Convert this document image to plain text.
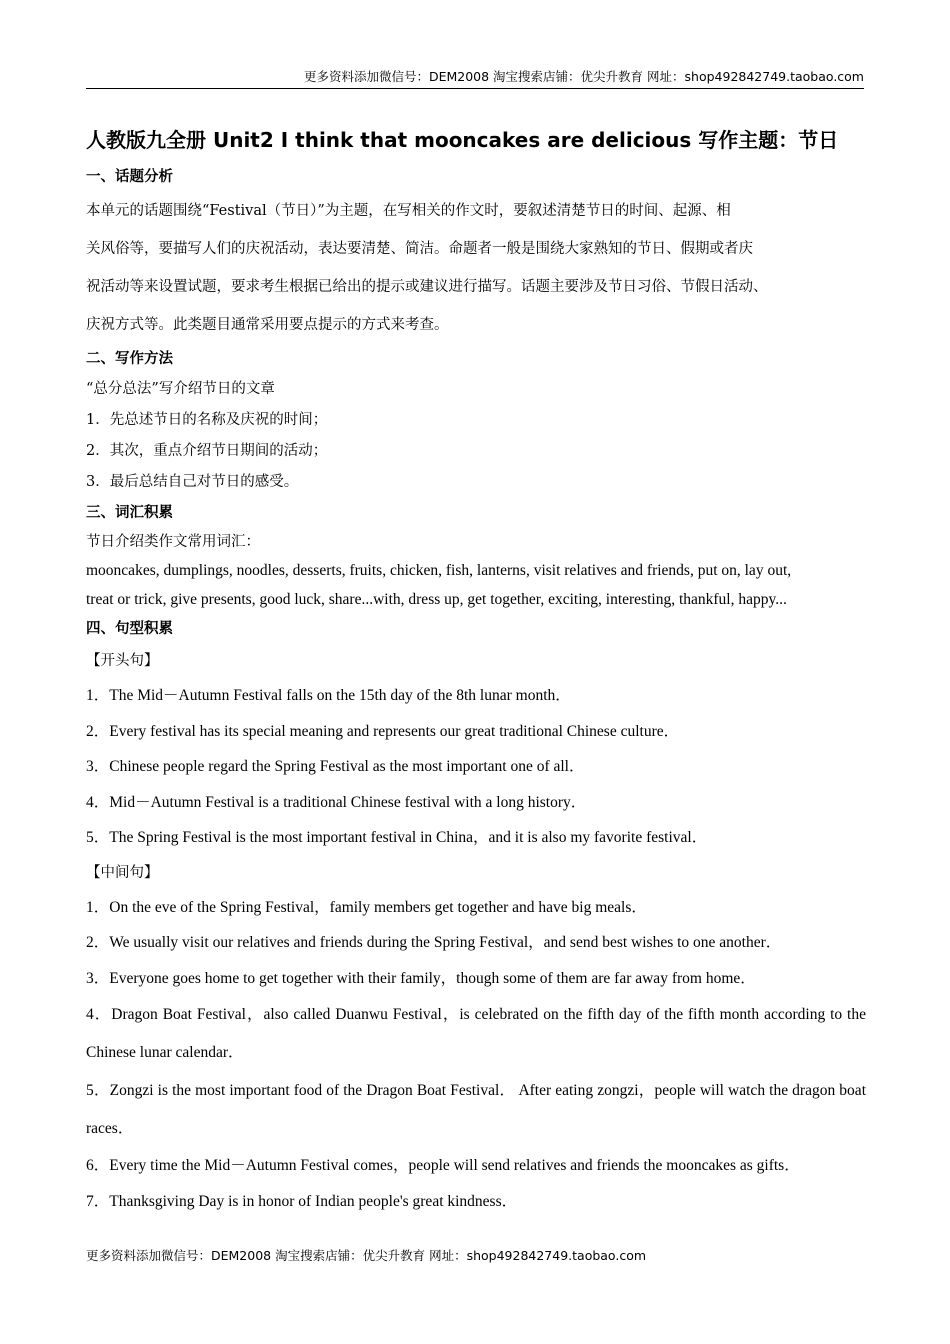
更多资料添加微信号：DEM2008 淘宝搜索店铺：优尖升教育 网址：shop492842749.taobao.com
人教版九全册 Unit2 I think that mooncakes are delicious 写作主题：节日
一、话题分析
本单元的话题围绕“Festival（节日）”为主题，在写相关的作文时，要叙述清楚节日的时间、起源、相
关风俗等，要描写人们的庆祝活动，表达要清楚、简洁。命题者一般是围绕大家熟知的节日、假期或者庆
祝活动等来设置试题，要求考生根据已给出的提示或建议进行描写。话题主要涉及节日习俗、节假日活动、
庆祝方式等。此类题目通常采用要点提示的方式来考查。
二、写作方法
“总分总法”写介绍节日的文章
1．先总述节日的名称及庆祝的时间；
2．其次，重点介绍节日期间的活动；
3．最后总结自己对节日的感受。
三、词汇积累
节日介绍类作文常用词汇：
mooncakes, dumplings, noodles, desserts, fruits, chicken, fish, lanterns, visit relatives and friends, put on, lay out,
treat or trick, give presents, good luck, share...with, dress up, get together, exciting, interesting, thankful, happy...
四、句型积累
【开头句】
1．The Mid－Autumn Festival falls on the 15th day of the 8th lunar month．
2．Every festival has its special meaning and represents our great traditional Chinese culture．
3．Chinese people regard the Spring Festival as the most important one of all．
4．Mid－Autumn Festival is a traditional Chinese festival with a long history．
5．The Spring Festival is the most important festival in China，and it is also my favorite festival．
【中间句】
1．On the eve of the Spring Festival，family members get together and have big meals．
2．We usually visit our relatives and friends during the Spring Festival，and send best wishes to one another．
3．Everyone goes home to get together with their family，though some of them are far away from home．
4．Dragon Boat Festival，also called Duanwu Festival，is celebrated on the fifth day of the fifth month according to the Chinese lunar calendar．
5．Zongzi is the most important food of the Dragon Boat Festival． After eating zongzi，people will watch the dragon boat races．
6．Every time the Mid－Autumn Festival comes，people will send relatives and friends the mooncakes as gifts．
7．Thanksgiving Day is in honor of Indian people's great kindness．
更多资料添加微信号：DEM2008 淘宝搜索店铺：优尖升教育 网址：shop492842749.taobao.com
